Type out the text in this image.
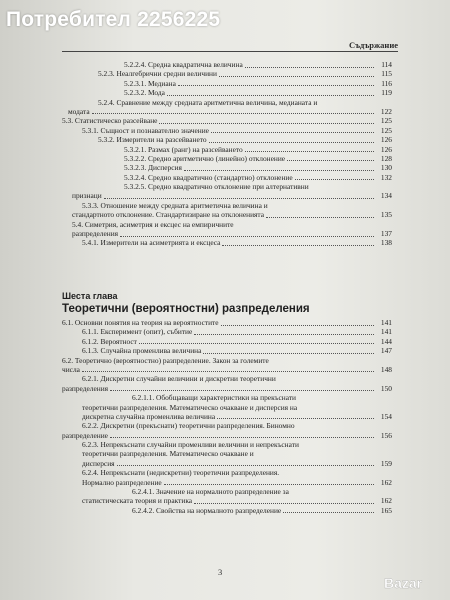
Потребител 2256225
Съдържание
5.2.2.4. Средна квадратична величина	114
5.2.3. Неалгебрични средни величини	115
5.2.3.1. Медиана	116
5.2.3.2. Мода	119
5.2.4. Сравнение между средната аритметична величина, медианата и
модата	122
5.3. Статистическо разсейване	125
5.3.1. Същност и познавателно значение	125
5.3.2. Измерители на разсейването	126
5.3.2.1. Размах (ранг) на разсейването	126
5.3.2.2. Средно аритметично (линейно) отклонение	128
5.3.2.3. Дисперсия	130
5.3.2.4. Средно квадратично (стандартно) отклонение	132
5.3.2.5. Средно квадратично отклонение при алтернативни
признаци	134
5.3.3. Отношение между средната аритметична величина и
стандартното отклонение. Стандартизиране на отклоненията	135
5.4. Симетрия, асиметрия и ексцес на емпиричните
разпределения	137
5.4.1. Измерители на асиметрията и ексцеса	138
Шеста глава
Теоретични (вероятностни) разпределения
6.1. Основни понятия на теория на вероятностите	141
6.1.1. Експеримент (опит), събитие	141
6.1.2. Вероятност	144
6.1.3. Случайна променлива величина	147
6.2. Теоретично (вероятностно) разпределение. Закон за големите
числа	148
6.2.1. Дискретни случайни величини и дискретни теоретични
разпределения	150
6.2.1.1. Обобщаващи характеристики на прекъснати
теоретични разпределения. Математическо очакване и дисперсия на
дискретна случайна променлива величина	154
6.2.2. Дискретни (прекъснати) теоретични разпределения. Биномно
разпределение	156
6.2.3. Непрекъснати случайни променливи величини и непрекъснати
теоретични разпределения. Математическо очакване и
дисперсия	159
6.2.4. Непрекъснати (недискретни) теоретични разпределения.
Нормално разпределение	162
6.2.4.1. Значение на нормалното разпределение за
статистическата теория и практика	162
6.2.4.2. Свойства на нормалното разпределение	165
3
Bazar
